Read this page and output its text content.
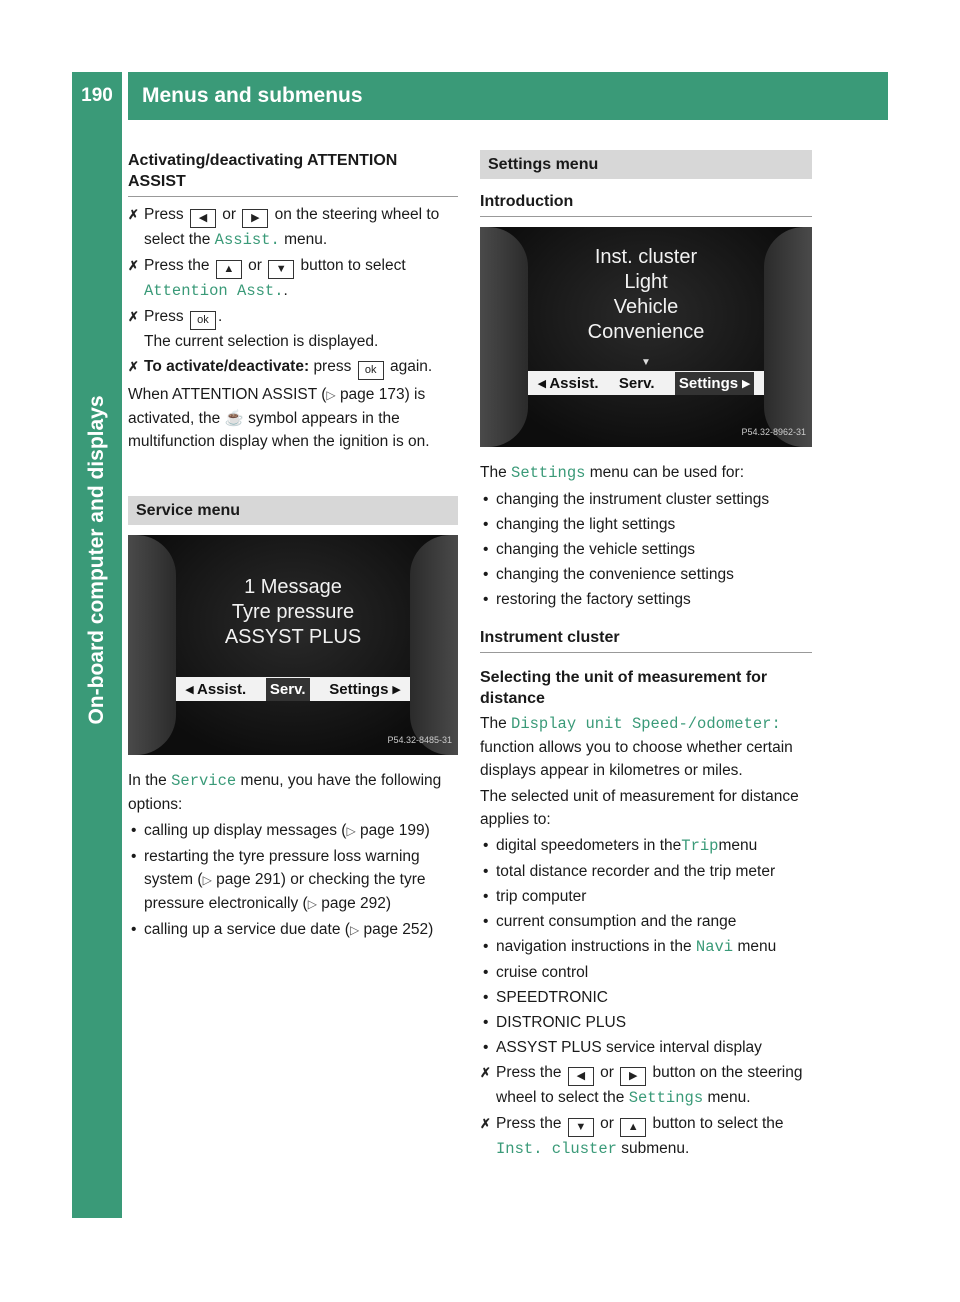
190	Menus and submenus
On-board computer and displays
Activating/deactivating ATTENTION ASSIST
✗ Press ◀ or ▶ on the steering wheel to select the Assist. menu.
✗ Press the ▲ or ▼ button to select Attention Asst..
✗ Press ok .
The current selection is displayed.
✗ To activate/deactivate: press ok again.

When ATTENTION ASSIST (▷ page 173) is activated, the ☕ symbol appears in the multifunction display when the ignition is on.

Service menu
1 Message
Tyre pressure
ASSYST PLUS
◂ Assist. Serv. Settings ▸
P54.32-8485-31

In the Service menu, you have the following options:

• calling up display messages (▷ page 199)
• restarting the tyre pressure loss warning system (▷ page 291) or checking the tyre pressure electronically (▷ page 292)
• calling up a service due date (▷ page 252)
Settings menu
Introduction
Inst. cluster
Light
Vehicle
Convenience
▼
◂ Assist. Serv. Settings ▸
P54.32-8962-31

The Settings menu can be used for:

• changing the instrument cluster settings
• changing the light settings
• changing the vehicle settings
• changing the convenience settings
• restoring the factory settings
Instrument cluster
Selecting the unit of measurement for distance

The Display unit Speed-/odometer: function allows you to choose whether certain displays appear in kilometres or miles.

The selected unit of measurement for distance applies to:

• digital speedometers in theTripmenu
• total distance recorder and the trip meter
• trip computer
• current consumption and the range
• navigation instructions in the Navi menu
• cruise control
• SPEEDTRONIC
• DISTRONIC PLUS
• ASSYST PLUS service interval display
✗ Press the ◀ or ▶ button on the steering wheel to select the Settings menu.
✗ Press the ▼ or ▲ button to select the Inst. cluster submenu.
